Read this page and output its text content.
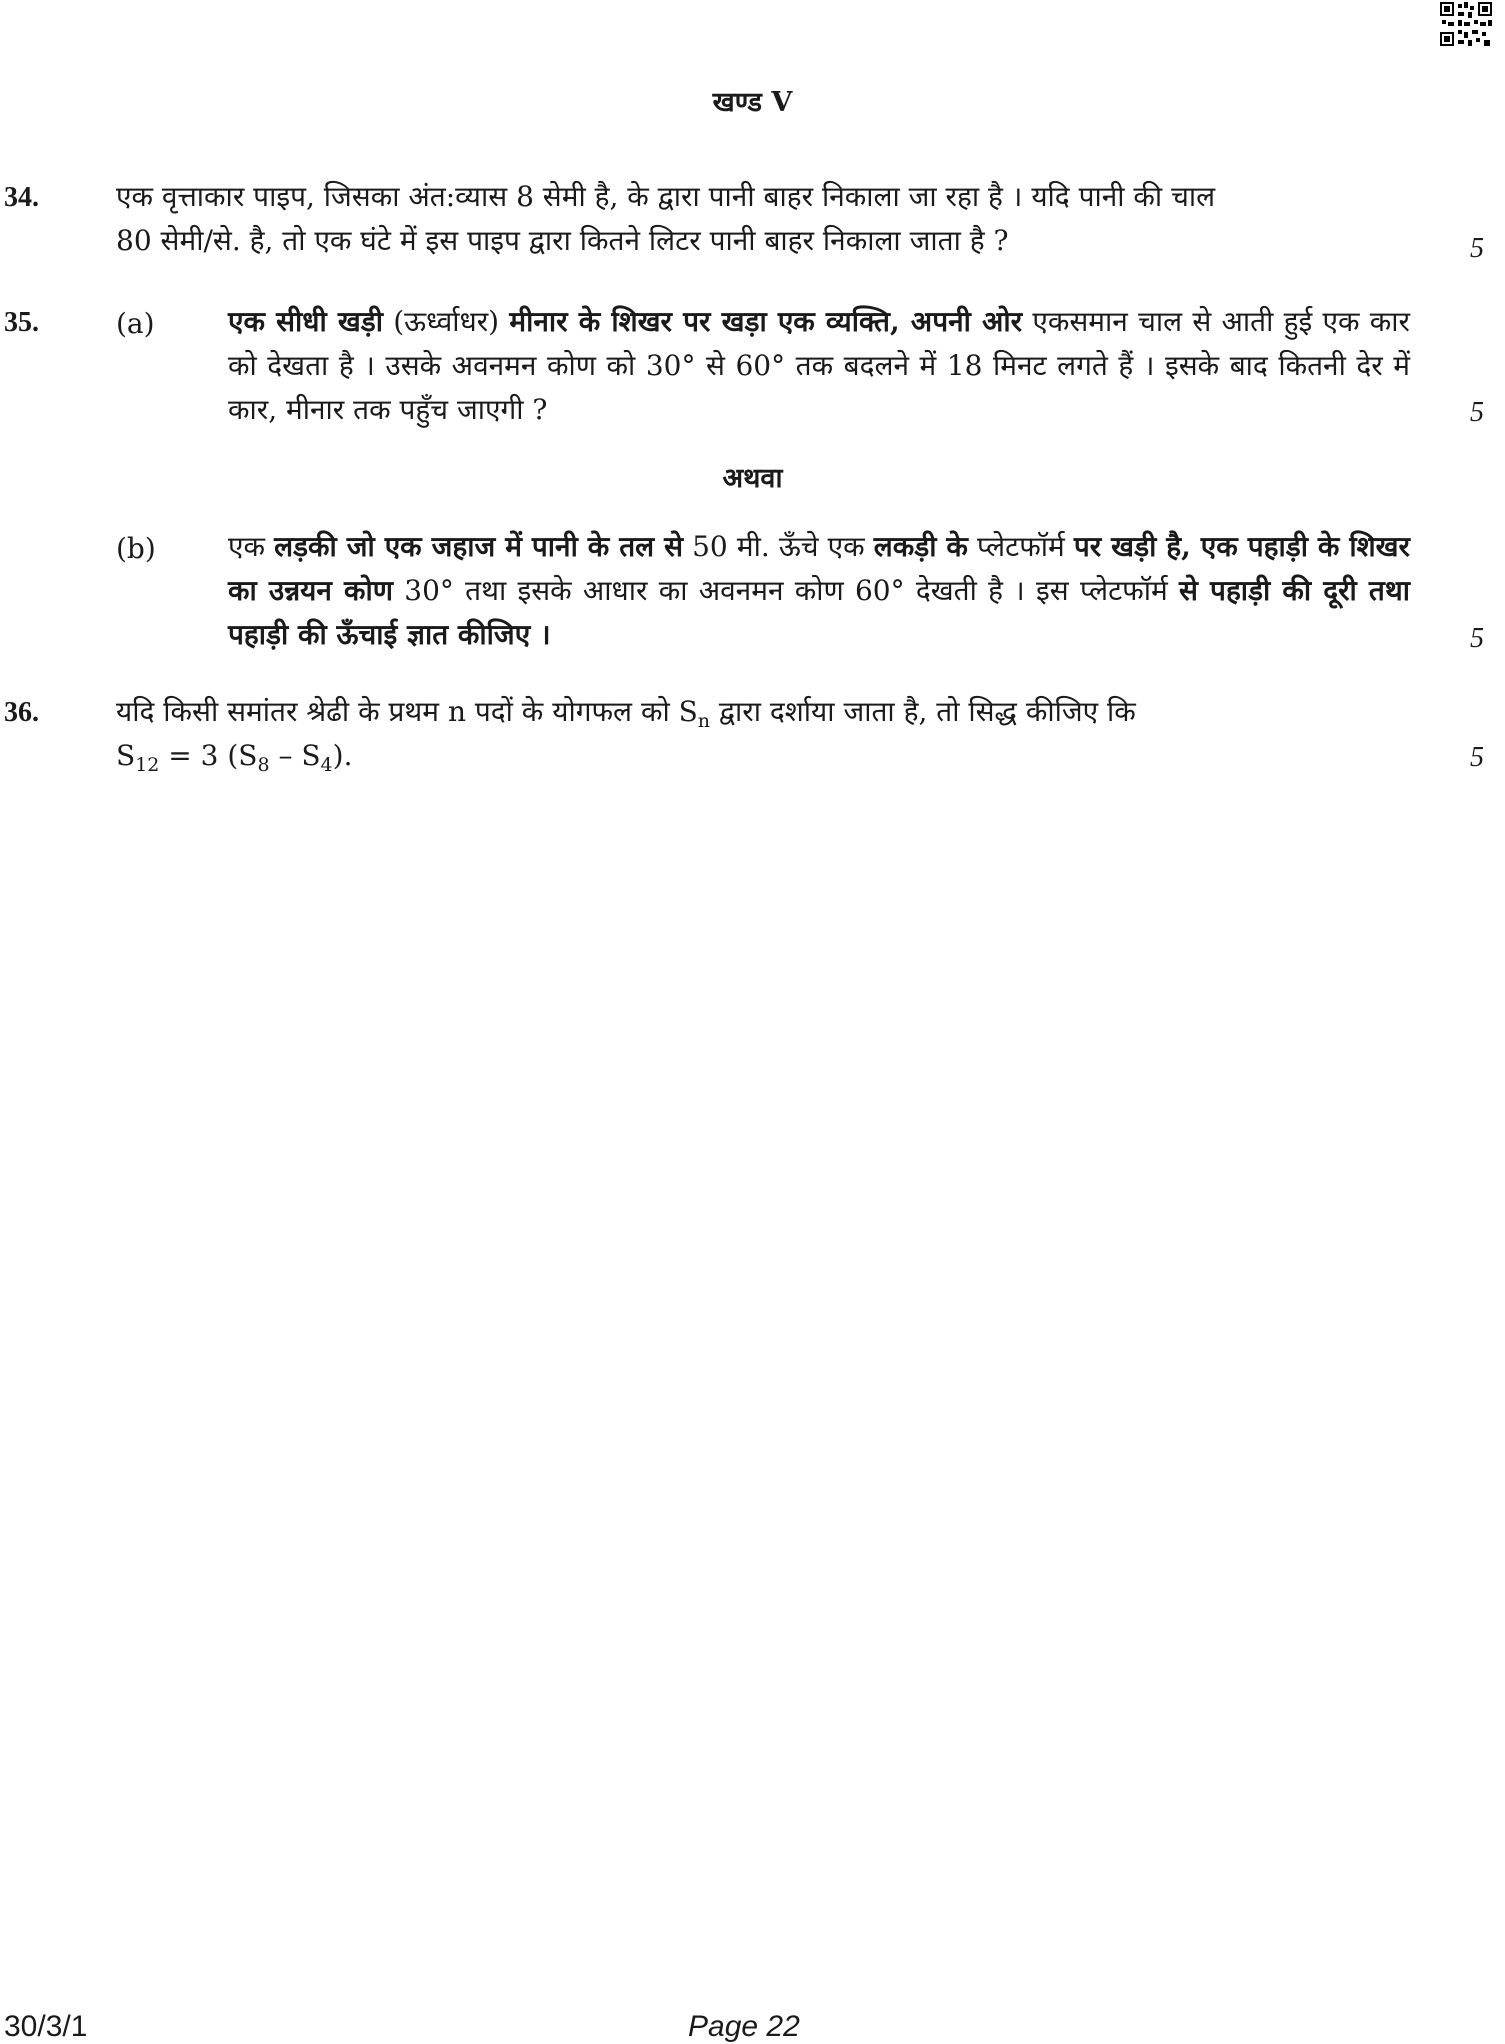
खण्ड V
34.	एक वृत्ताकार पाइप, जिसका अंत:व्यास 8 सेमी है, के द्वारा पानी बाहर निकाला जा रहा है । यदि पानी की चाल
80 सेमी/से. है, तो एक घंटे में इस पाइप द्वारा कितने लिटर पानी बाहर निकाला जाता है ?	5
35.	(a)	एक सीधी खड़ी (ऊर्ध्वाधर) मीनार के शिखर पर खड़ा एक व्यक्ति, अपनी ओर एकसमान चाल से आती हुई एक कार को देखता है । उसके अवनमन कोण को 30° से 60° तक बदलने में 18 मिनट लगते हैं । इसके बाद कितनी देर में कार, मीनार तक पहुँच जाएगी ?	5
अथवा
(b)	एक लड़की जो एक जहाज में पानी के तल से 50 मी. ऊँचे एक लकड़ी के प्लेटफॉर्म पर खड़ी है, एक पहाड़ी के शिखर का उन्नयन कोण 30° तथा इसके आधार का अवनमन कोण 60° देखती है । इस प्लेटफॉर्म से पहाड़ी की दूरी तथा पहाड़ी की ऊँचाई ज्ञात कीजिए ।	5
36.	यदि किसी समांतर श्रेढी के प्रथम n पदों के योगफल को $S_n$ द्वारा दर्शाया जाता है, तो सिद्ध कीजिए कि
$S_{12} = 3$ $(S_8 - S_4)$.	5
30/3/1	Page 22
